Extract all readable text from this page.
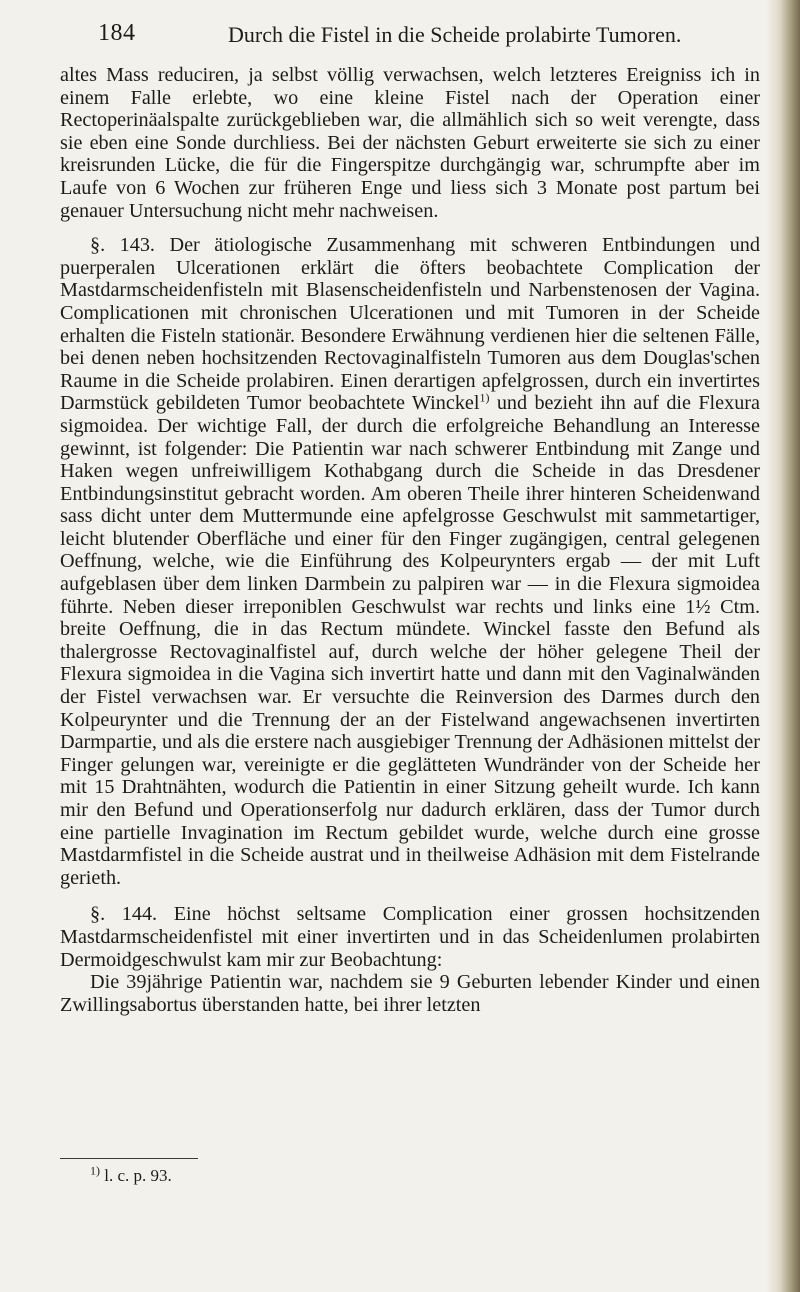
184	Durch die Fistel in die Scheide prolabirte Tumoren.

altes Mass reduciren, ja selbst völlig verwachsen, welch letzteres Ereigniss ich in einem Falle erlebte, wo eine kleine Fistel nach der Operation einer Rectoperinäalspalte zurückgeblieben war, die allmählich sich so weit verengte, dass sie eben eine Sonde durchliess. Bei der nächsten Geburt erweiterte sie sich zu einer kreisrunden Lücke, die für die Fingerspitze durchgängig war, schrumpfte aber im Laufe von 6 Wochen zur früheren Enge und liess sich 3 Monate post partum bei genauer Untersuchung nicht mehr nachweisen.

§. 143. Der ätiologische Zusammenhang mit schweren Entbindungen und puerperalen Ulcerationen erklärt die öfters beobachtete Complication der Mastdarmscheidenfisteln mit Blasenscheidenfisteln und Narbenstenosen der Vagina. Complicationen mit chronischen Ulcerationen und mit Tumoren in der Scheide erhalten die Fisteln stationär. Besondere Erwähnung verdienen hier die seltenen Fälle, bei denen neben hochsitzenden Rectovaginalfisteln Tumoren aus dem Douglas'schen Raume in die Scheide prolabiren. Einen derartigen apfelgrossen, durch ein invertirtes Darmstück gebildeten Tumor beobachtete Winckel$^{1)}$ und bezieht ihn auf die Flexura sigmoidea. Der wichtige Fall, der durch die erfolgreiche Behandlung an Interesse gewinnt, ist folgender: Die Patientin war nach schwerer Entbindung mit Zange und Haken wegen unfreiwilligem Kothabgang durch die Scheide in das Dresdener Entbindungsinstitut gebracht worden. Am oberen Theile ihrer hinteren Scheidenwand sass dicht unter dem Muttermunde eine apfelgrosse Geschwulst mit sammetartiger, leicht blutender Oberfläche und einer für den Finger zugängigen, central gelegenen Oeffnung, welche, wie die Einführung des Kolpeurynters ergab — der mit Luft aufgeblasen über dem linken Darmbein zu palpiren war — in die Flexura sigmoidea führte. Neben dieser irreponiblen Geschwulst war rechts und links eine 1½ Ctm. breite Oeffnung, die in das Rectum mündete. Winckel fasste den Befund als thalergrosse Rectovaginalfistel auf, durch welche der höher gelegene Theil der Flexura sigmoidea in die Vagina sich invertirt hatte und dann mit den Vaginalwänden der Fistel verwachsen war. Er versuchte die Reinversion des Darmes durch den Kolpeurynter und die Trennung der an der Fistelwand angewachsenen invertirten Darmpartie, und als die erstere nach ausgiebiger Trennung der Adhäsionen mittelst der Finger gelungen war, vereinigte er die geglätteten Wundränder von der Scheide her mit 15 Drahtnähten, wodurch die Patientin in einer Sitzung geheilt wurde. Ich kann mir den Befund und Operationserfolg nur dadurch erklären, dass der Tumor durch eine partielle Invagination im Rectum gebildet wurde, welche durch eine grosse Mastdarmfistel in die Scheide austrat und in theilweise Adhäsion mit dem Fistelrande gerieth.

§. 144. Eine höchst seltsame Complication einer grossen hochsitzenden Mastdarmscheidenfistel mit einer invertirten und in das Scheidenlumen prolabirten Dermoidgeschwulst kam mir zur Beobachtung:

Die 39jährige Patientin war, nachdem sie 9 Geburten lebender Kinder und einen Zwillingsabortus überstanden hatte, bei ihrer letzten

$^{1)}$ l. c. p. 93.
